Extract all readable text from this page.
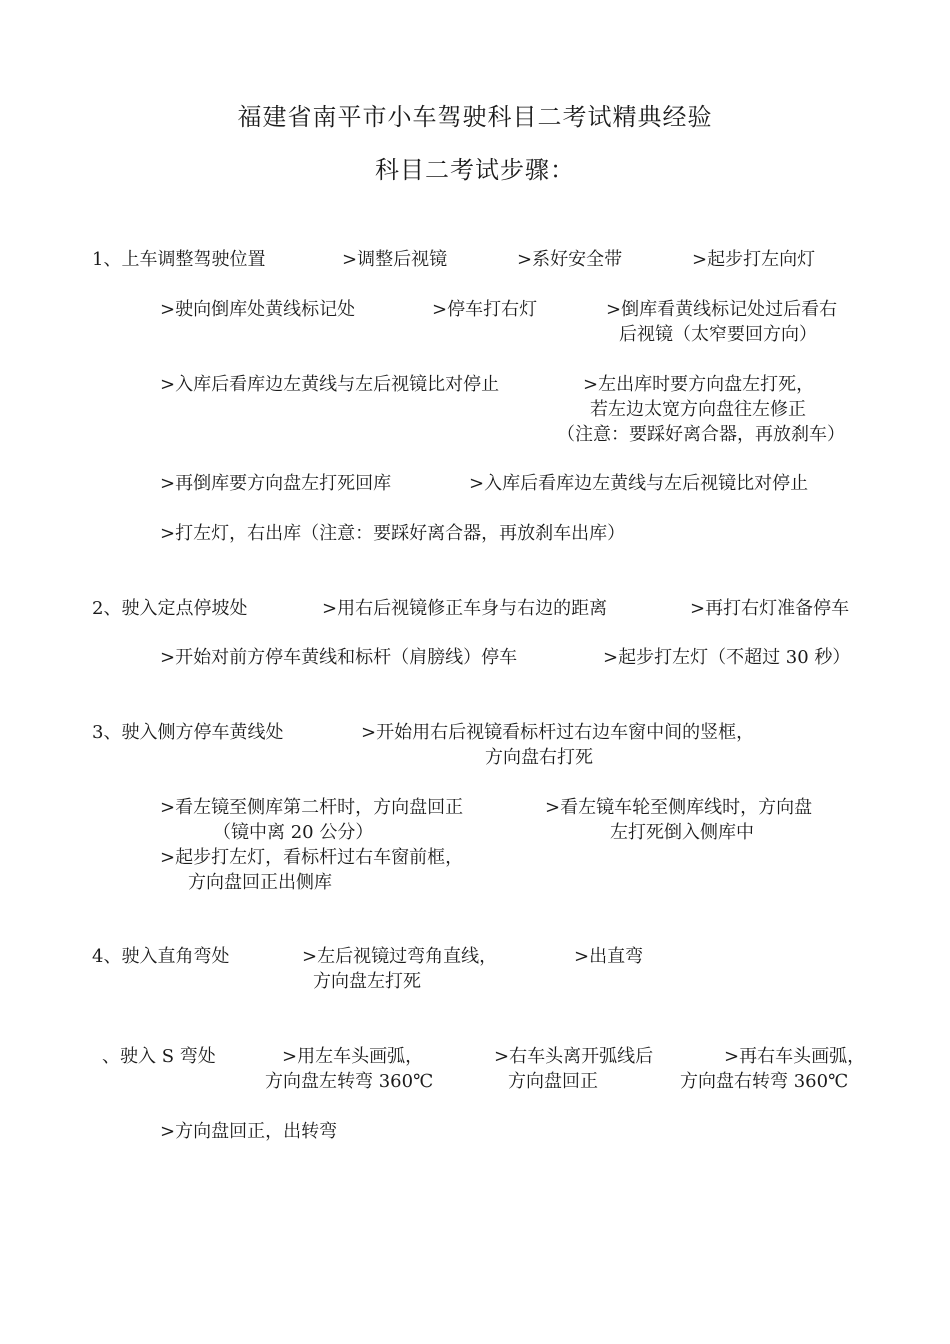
福建省南平市小车驾驶科目二考试精典经验
科目二考试步骤：
1、上车调整驾驶位置	>调整后视镜	>系好安全带	>起步打左向灯
>驶向倒库处黄线标记处	>停车打右灯	>倒库看黄线标记处过后看右
后视镜（太窄要回方向）
>入库后看库边左黄线与左后视镜比对停止	>左出库时要方向盘左打死，
若左边太宽方向盘往左修正
（注意：要踩好离合器，再放刹车）
>再倒库要方向盘左打死回库	>入库后看库边左黄线与左后视镜比对停止
>打左灯，右出库（注意：要踩好离合器，再放刹车出库）
2、驶入定点停坡处	>用右后视镜修正车身与右边的距离	>再打右灯准备停车
>开始对前方停车黄线和标杆（肩膀线）停车	>起步打左灯（不超过 30 秒）
3、驶入侧方停车黄线处	>开始用右后视镜看标杆过右边车窗中间的竖框，
方向盘右打死
>看左镜至侧库第二杆时，方向盘回正
（镜中离 20 公分）
>看左镜车轮至侧库线时，方向盘
左打死倒入侧库中
>起步打左灯，看标杆过右车窗前框，
方向盘回正出侧库
4、驶入直角弯处	>左后视镜过弯角直线，
方向盘左打死
>出直弯
、驶入 S 弯处	>用左车头画弧，
方向盘左转弯 360℃
>右车头离开弧线后
方向盘回正
>再右车头画弧，
方向盘右转弯 360℃
>方向盘回正，出转弯
